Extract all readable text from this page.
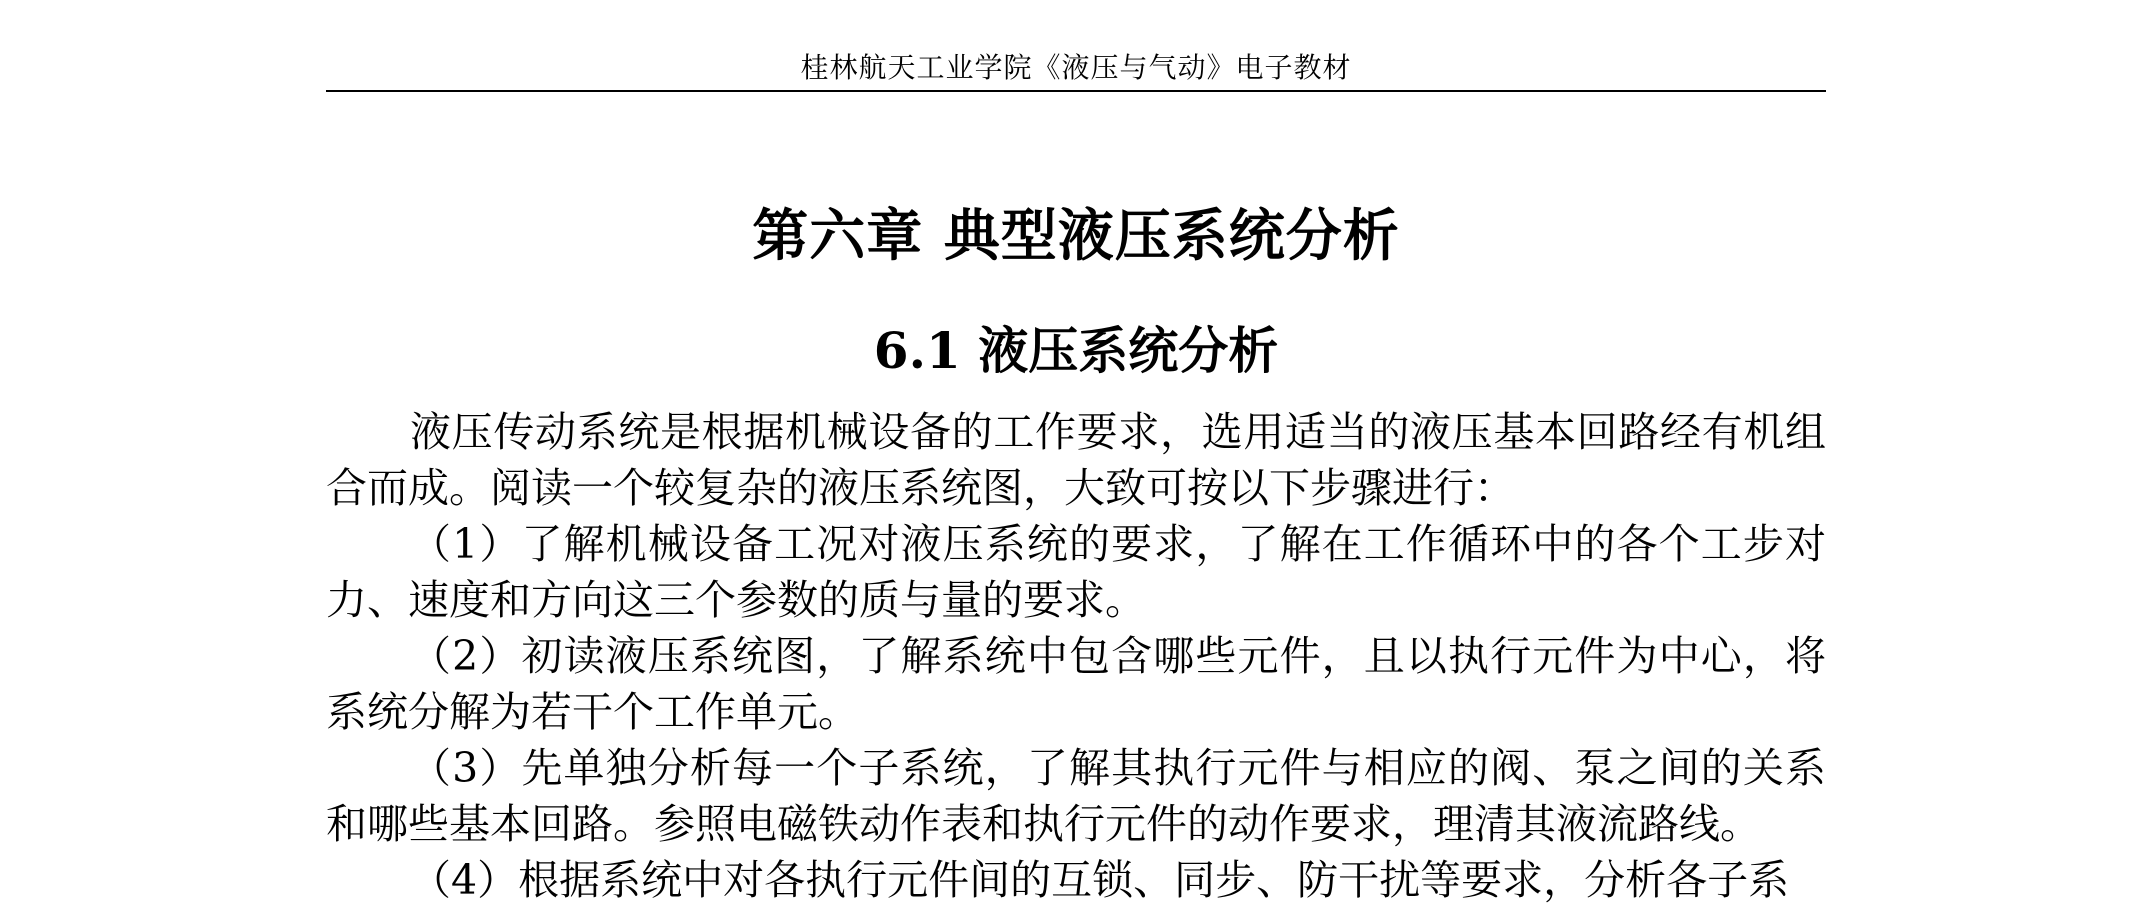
桂林航天工业学院《液压与气动》电子教材
第六章 典型液压系统分析
6.1 液压系统分析

液压传动系统是根据机械设备的工作要求，选用适当的液压基本回路经有机组合而成。阅读一个较复杂的液压系统图，大致可按以下步骤进行：

（1）了解机械设备工况对液压系统的要求，了解在工作循环中的各个工步对力、速度和方向这三个参数的质与量的要求。

（2）初读液压系统图，了解系统中包含哪些元件，且以执行元件为中心，将系统分解为若干个工作单元。

（3）先单独分析每一个子系统，了解其执行元件与相应的阀、泵之间的关系和哪些基本回路。参照电磁铁动作表和执行元件的动作要求，理清其液流路线。

（4）根据系统中对各执行元件间的互锁、同步、防干扰等要求，分析各子系
